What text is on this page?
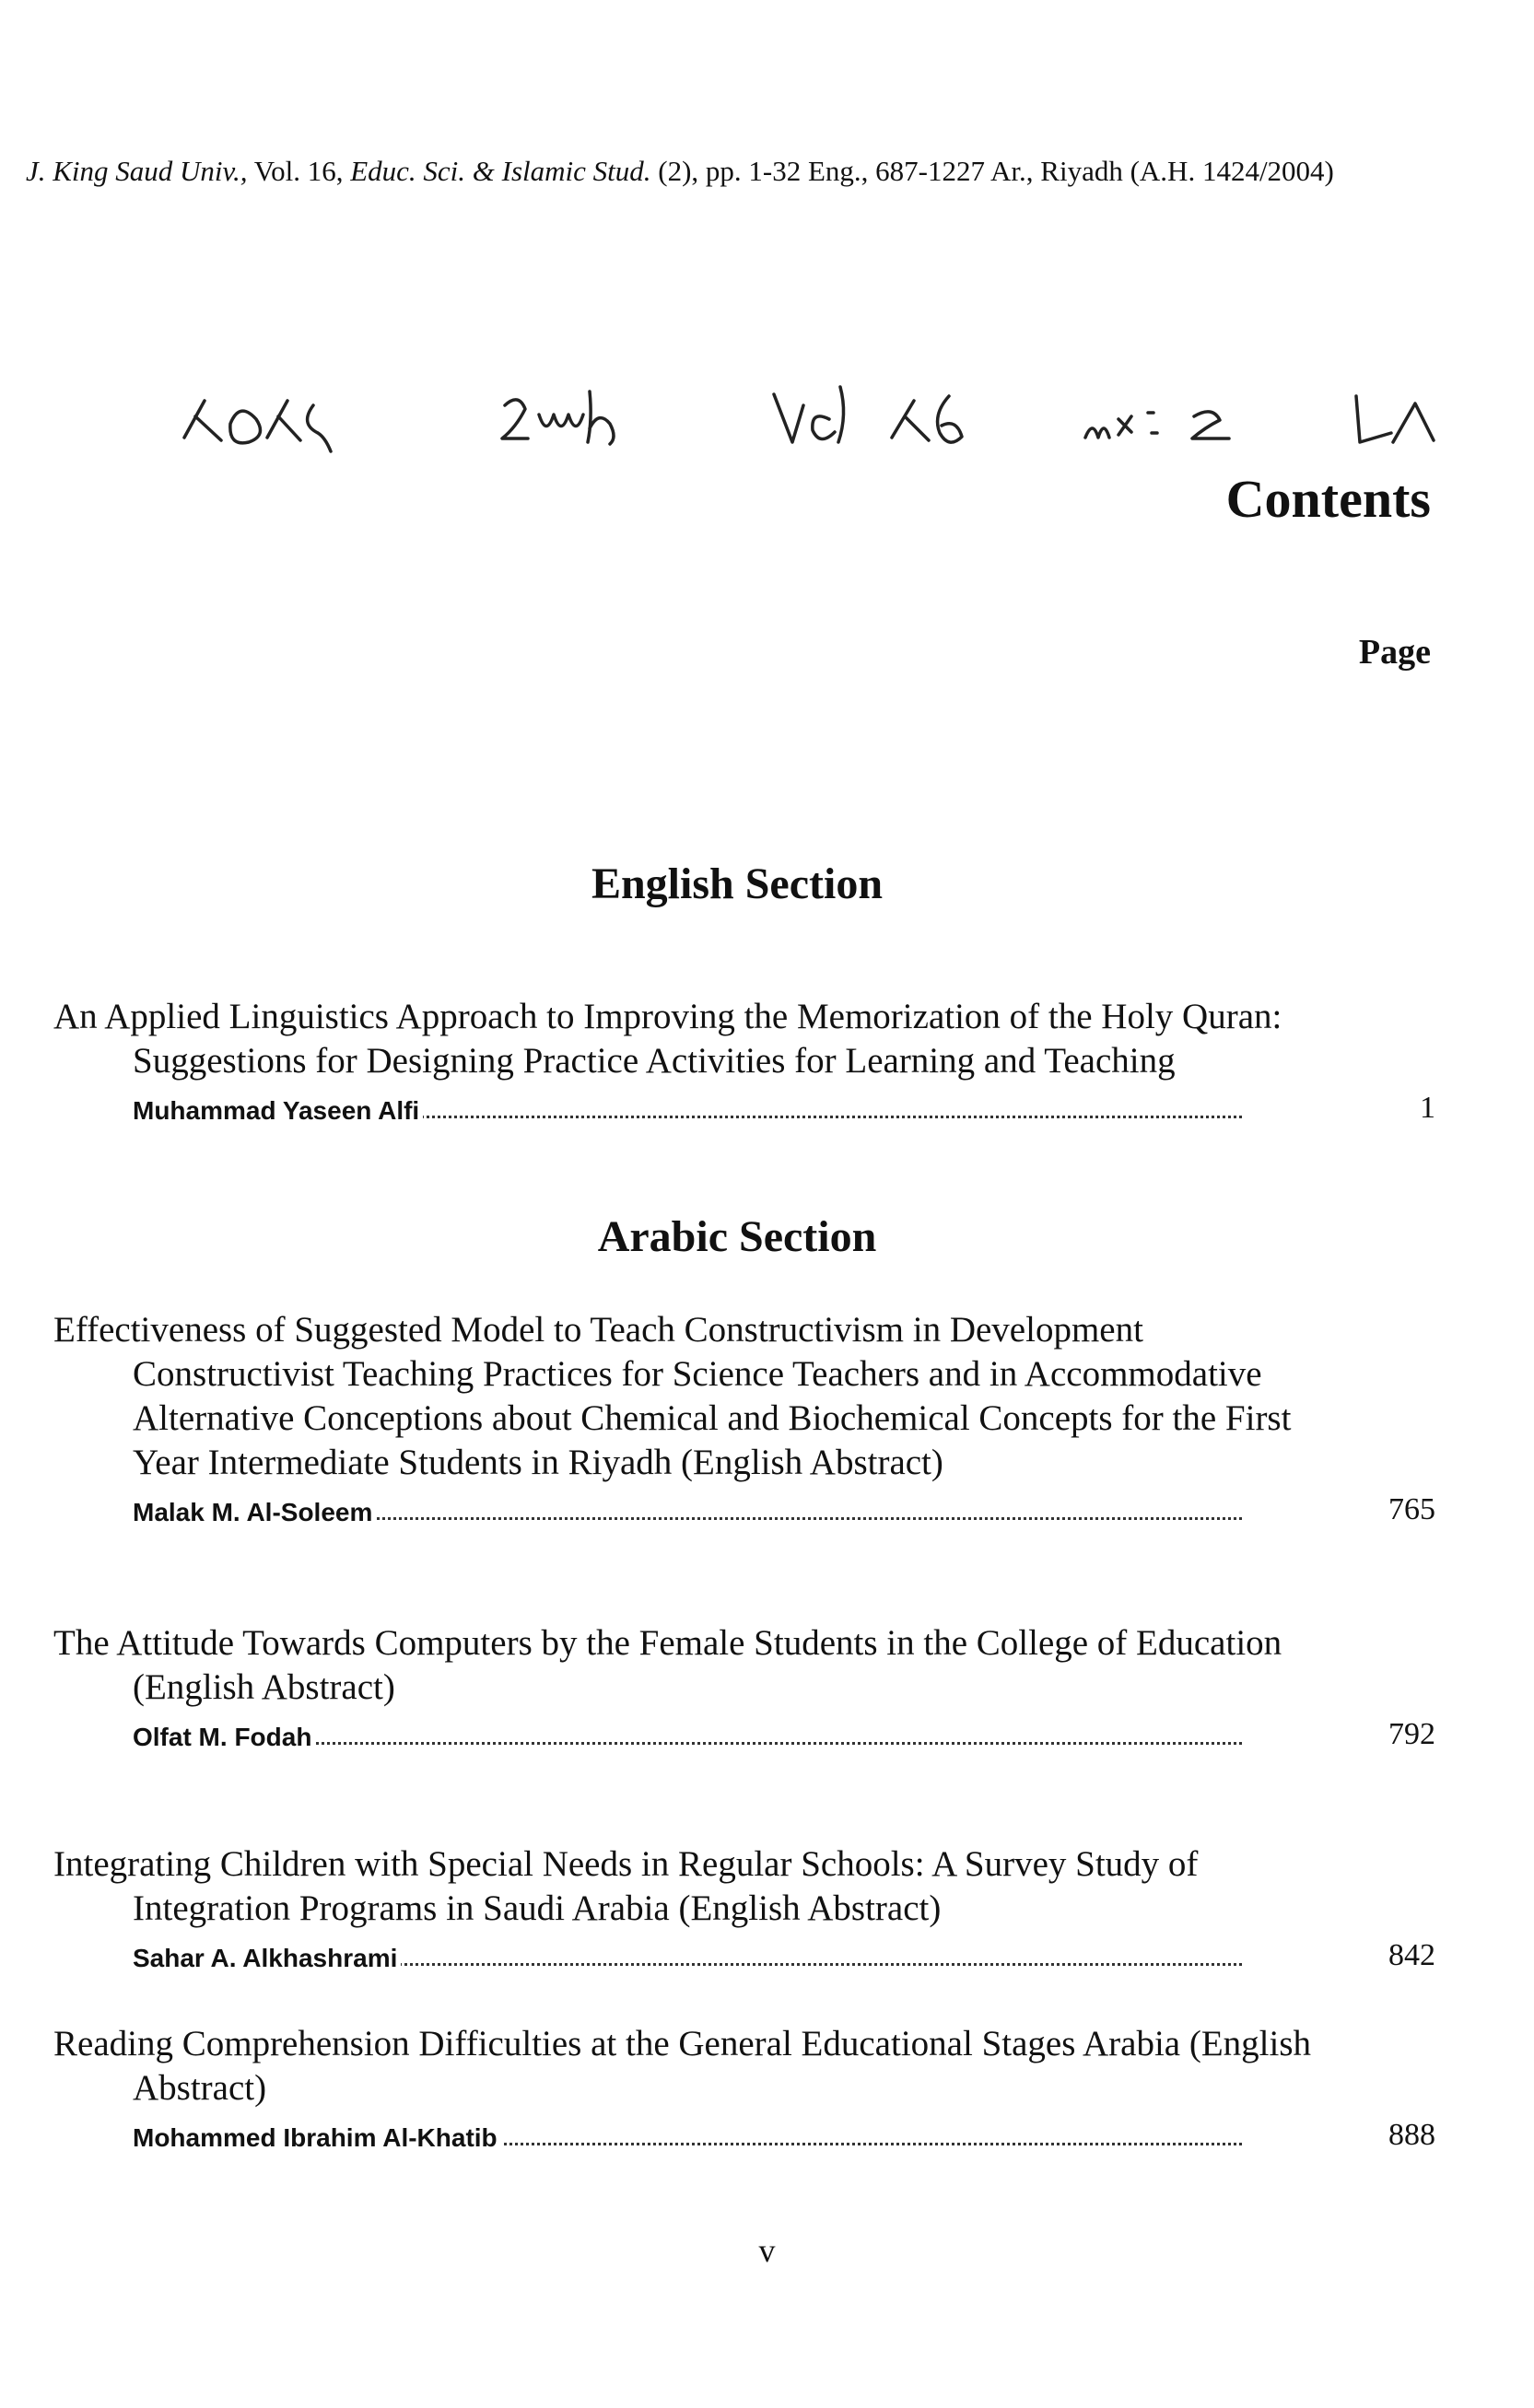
J. King Saud Univ., Vol. 16, Educ. Sci. & Islamic Stud. (2), pp. 1-32 Eng., 687-1227 Ar., Riyadh (A.H. 1424/2004)
Contents
Page
English Section
An Applied Linguistics Approach to Improving the Memorization of the Holy Quran: Suggestions for Designing Practice Activities for Learning and Teaching
Muhammad Yaseen Alfi	1
Arabic Section
Effectiveness of Suggested Model to Teach Constructivism in Development Constructivist Teaching Practices for Science Teachers and in Accommodative Alternative Conceptions about Chemical and Biochemical Concepts for the First Year Intermediate Students in Riyadh (English Abstract)
Malak M. Al-Soleem	765
The Attitude Towards Computers by the Female Students in the College of Education (English Abstract)
Olfat M. Fodah	792
Integrating Children with Special Needs in Regular Schools: A Survey Study of Integration Programs in Saudi Arabia (English Abstract)
Sahar A. Alkhashrami	842
Reading Comprehension Difficulties at the General Educational Stages Arabia (English Abstract)
Mohammed Ibrahim Al-Khatib	888
v
